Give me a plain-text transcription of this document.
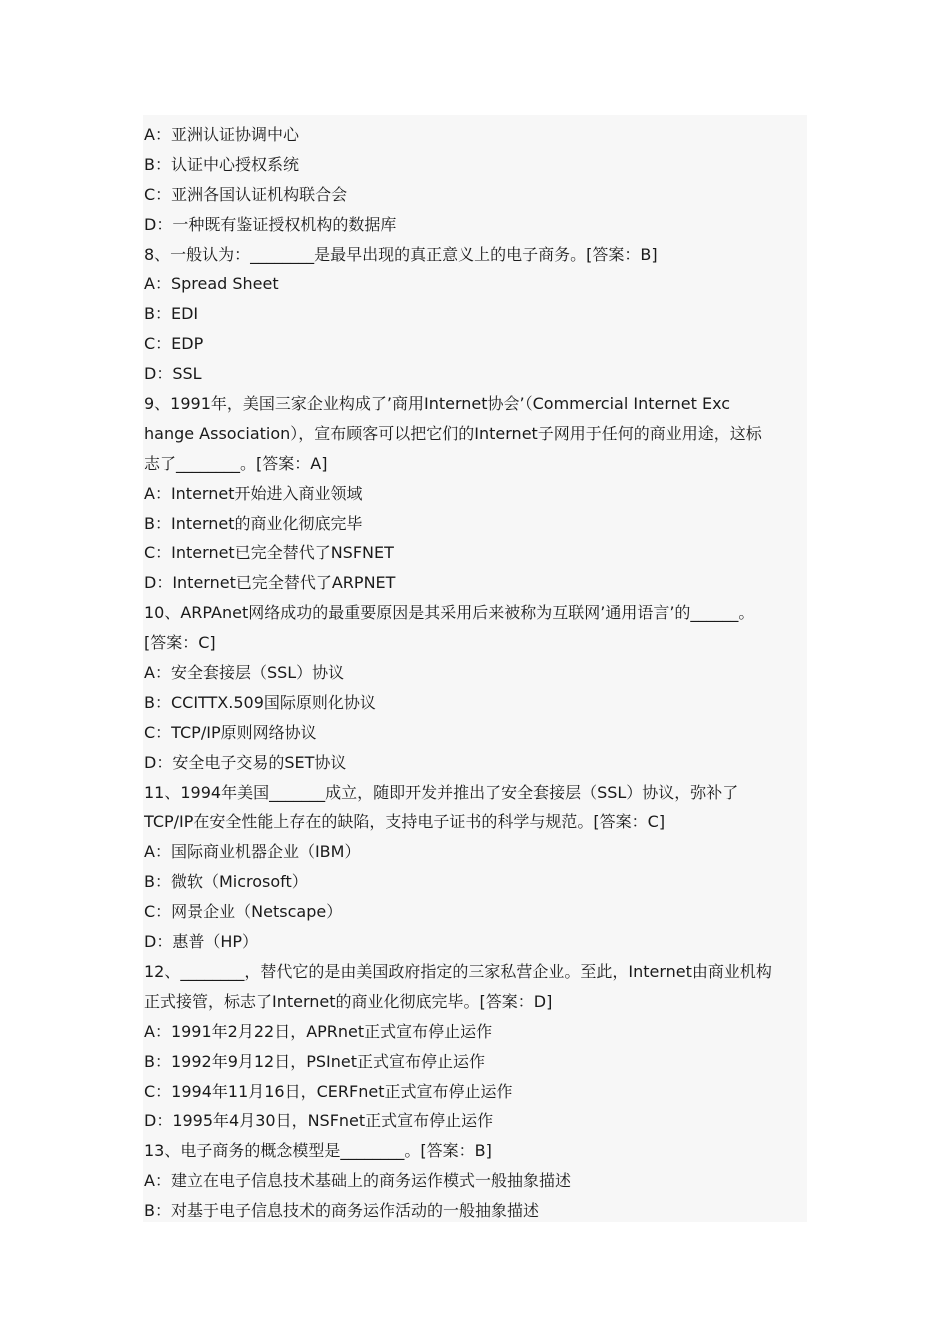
A：亚洲认证协调中心
B：认证中心授权系统
C：亚洲各国认证机构联合会
D：一种既有鉴证授权机构的数据库
8、一般认为：________是最早出现的真正意义上的电子商务。[答案：B]
A：Spread Sheet
B：EDI
C：EDP
D：SSL
9、1991年，美国三家企业构成了’商用Internet协会’（Commercial Internet Exc
hange Association），宣布顾客可以把它们的Internet子网用于任何的商业用途，这标
志了________。[答案：A]
A：Internet开始进入商业领域
B：Internet的商业化彻底完毕
C：Internet已完全替代了NSFNET
D：Internet已完全替代了ARPNET
10、ARPAnet网络成功的最重要原因是其采用后来被称为互联网’通用语言’的______。
[答案：C]
A：安全套接层（SSL）协议
B：CCITTX.509国际原则化协议
C：TCP/IP原则网络协议
D：安全电子交易的SET协议
11、1994年美国_______成立，随即开发并推出了安全套接层（SSL）协议，弥补了
TCP/IP在安全性能上存在的缺陷，支持电子证书的科学与规范。[答案：C]
A：国际商业机器企业（IBM）
B：微软（Microsoft）
C：网景企业（Netscape）
D：惠普（HP）
12、________，替代它的是由美国政府指定的三家私营企业。至此，Internet由商业机构
正式接管，标志了Internet的商业化彻底完毕。[答案：D]
A：1991年2月22日，APRnet正式宣布停止运作
B：1992年9月12日，PSInet正式宣布停止运作
C：1994年11月16日，CERFnet正式宣布停止运作
D：1995年4月30日，NSFnet正式宣布停止运作
13、电子商务的概念模型是________。[答案：B]
A：建立在电子信息技术基础上的商务运作模式一般抽象描述
B：对基于电子信息技术的商务运作活动的一般抽象描述
